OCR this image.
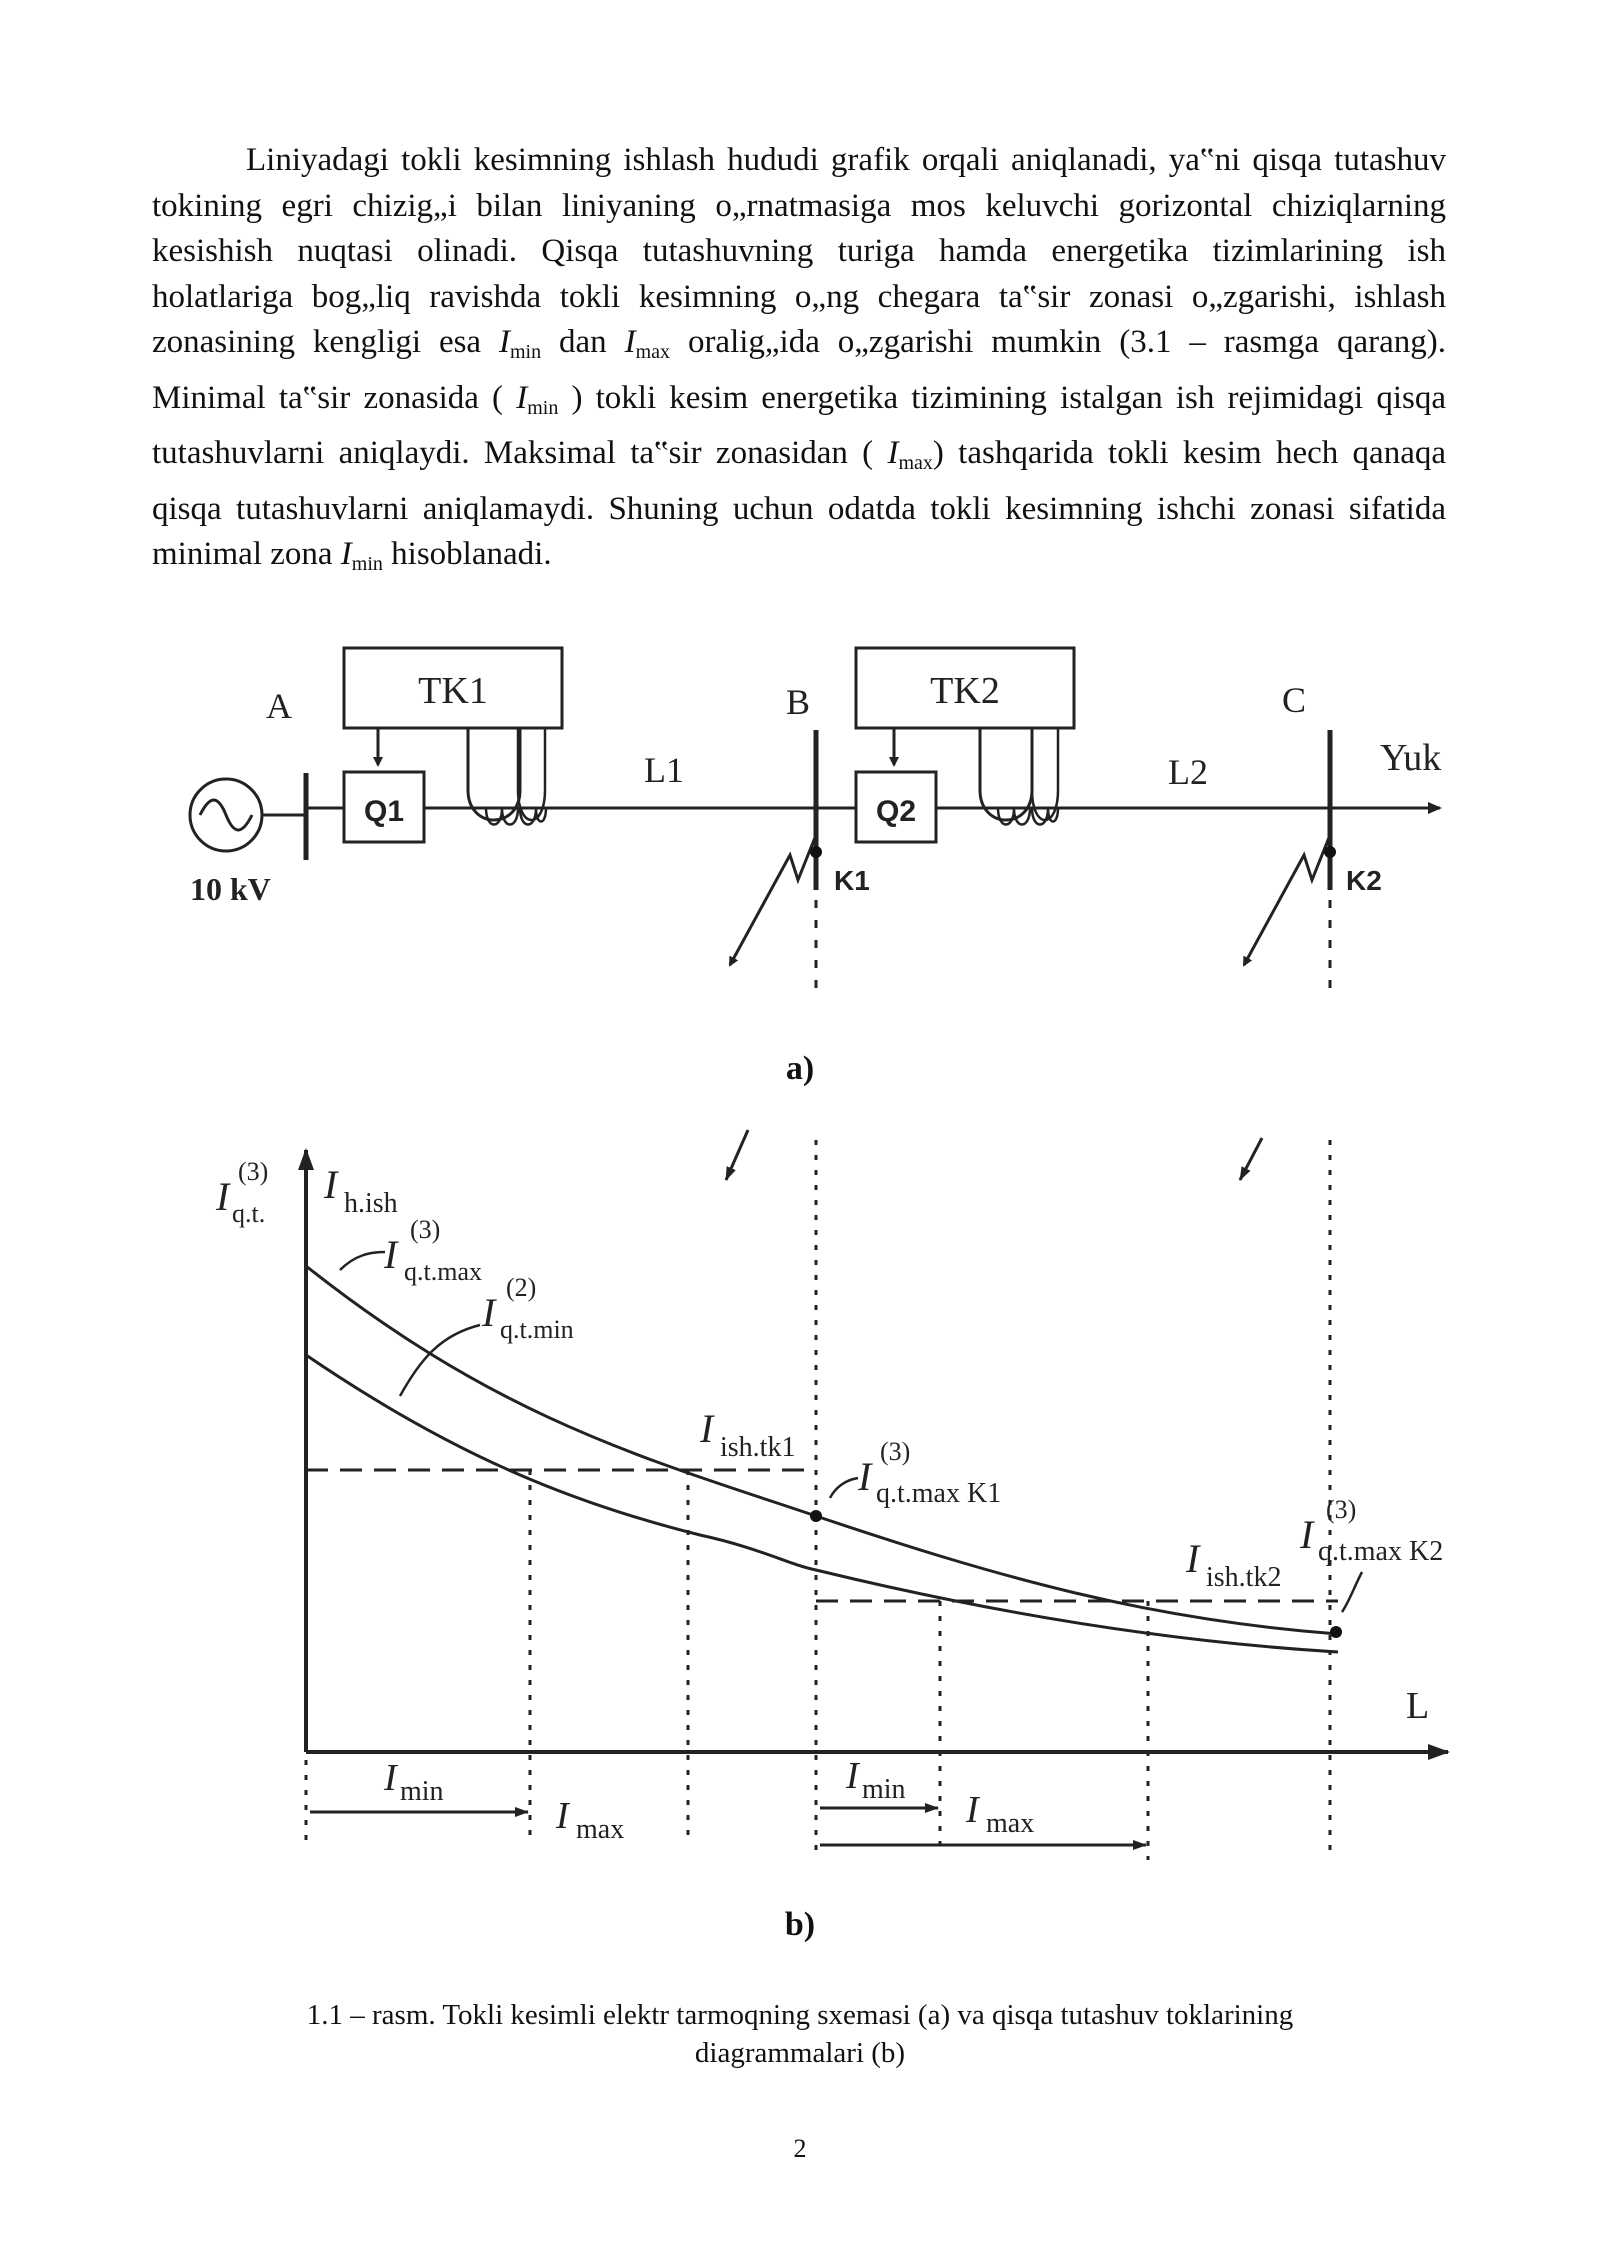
Liniyadagi tokli kesimning ishlash hududi grafik orqali aniqlanadi, ya‟ni qisqa tutashuv tokining egri chizig„i bilan liniyaning o„rnatmasiga mos keluvchi gorizontal chiziqlarning kesishish nuqtasi olinadi. Qisqa tutashuvning turiga hamda energetika tizimlarining ish holatlariga bog„liq ravishda tokli kesimning o„ng chegara ta‟sir zonasi o„zgarishi, ishlash zonasining kengligi esa $I_{min}$ dan $I_{max}$ oralig„ida o„zgarishi mumkin (3.1 – rasmga qarang). Minimal ta‟sir zonasida ( $I_{min}$ ) tokli kesim energetika tizimining istalgan ish rejimidagi qisqa tutashuvlarni aniqlaydi. Maksimal ta‟sir zonasidan ( $I_{max}$) tashqarida tokli kesim hech qanaqa qisqa tutashuvlarni aniqlamaydi. Shuning uchun odatda tokli kesimning ishchi zonasi sifatida minimal zona $I_{min}$ hisoblanadi.

A	B	C
TK1	TK2
Q1	Q2
L1	L2	Yuk
10 kV	K1	K2
a)
I
(3)
q.t.
I h.ish
I
(3)
q.t.max
I
(2)
q.t.min
I ish.tk1
I ish.tk2
I
(3)
q.t.max K1
I
(3)
q.t.max K2
L
I min
I max
I min I max
b)
1.1 – rasm. Tokli kesimli elektr tarmoqning sxemasi (a) va qisqa tutashuv toklarining diagrammalari (b)
2
